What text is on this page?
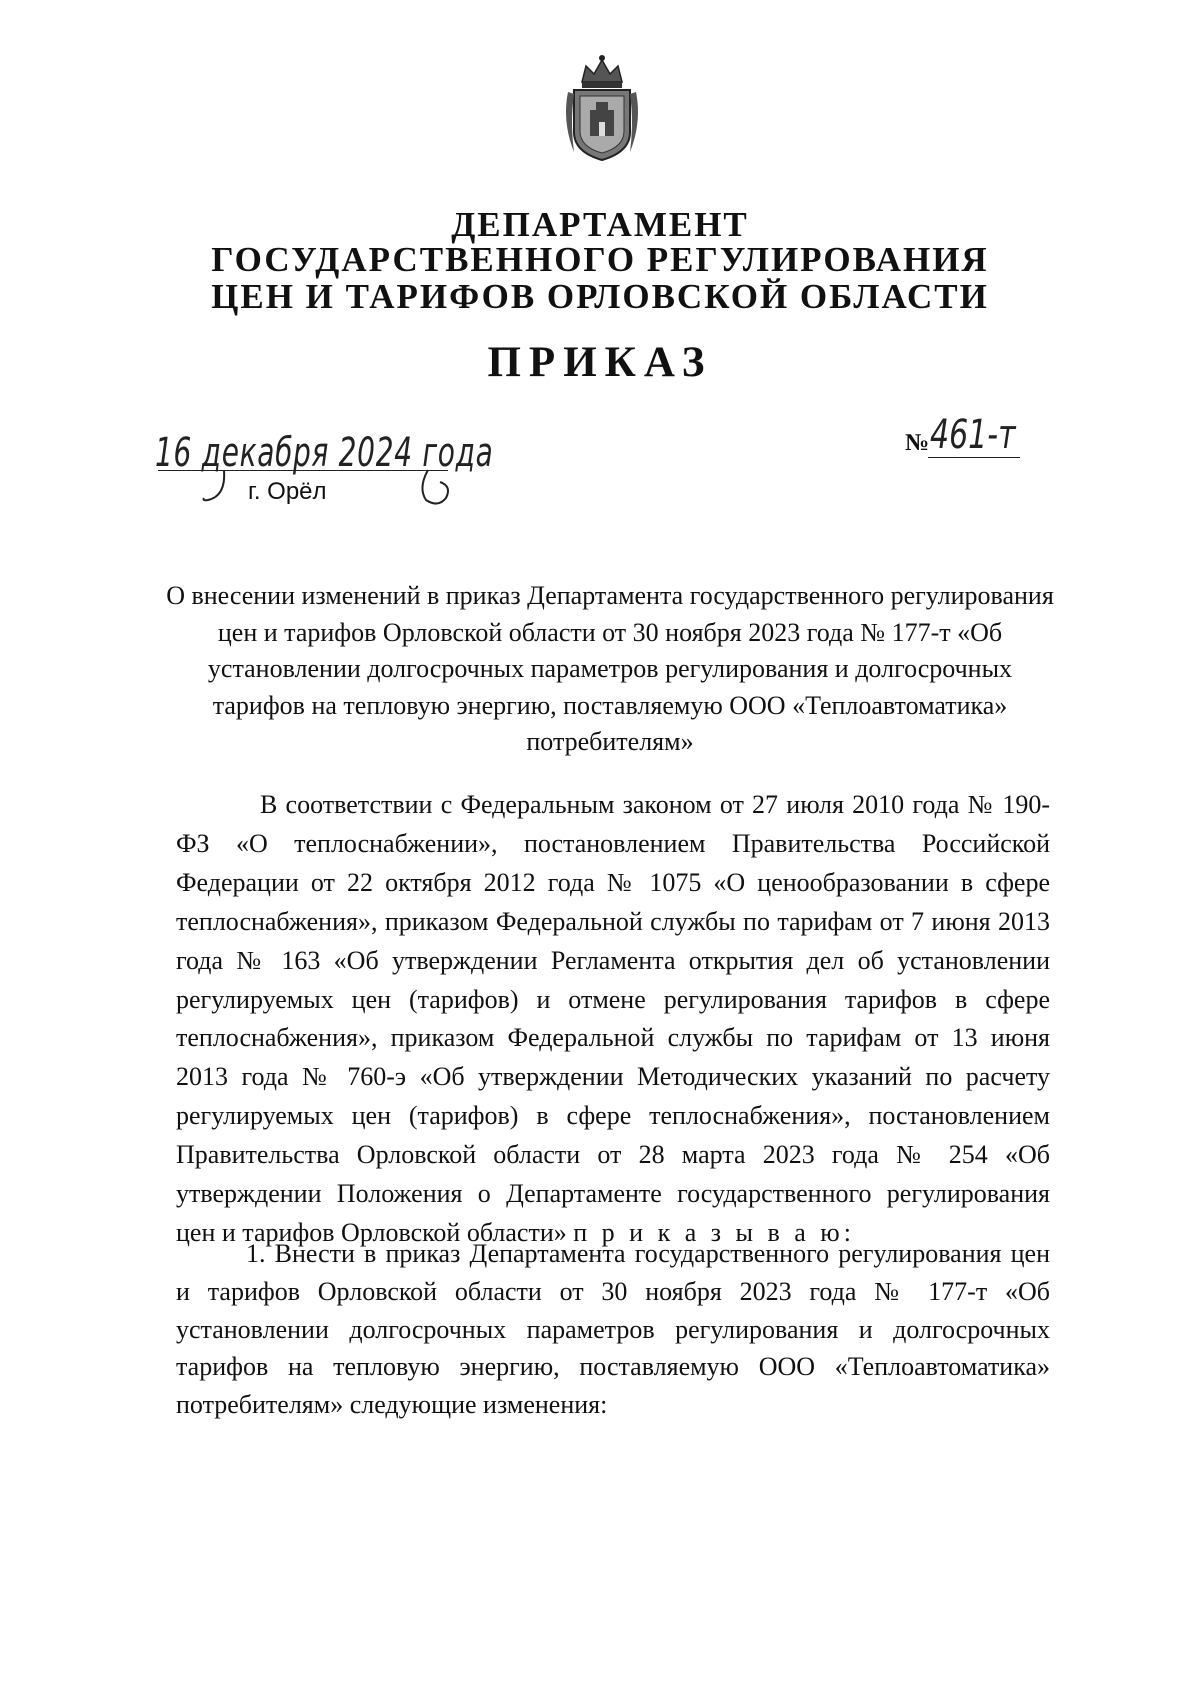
ДЕПАРТАМЕНТ

ГОСУДАРСТВЕННОГО РЕГУЛИРОВАНИЯ

ЦЕН И ТАРИФОВ ОРЛОВСКОЙ ОБЛАСТИ

ПРИКАЗ
16 декабря 2024 года
г. Орёл
№ 461-т

О внесении изменений в приказ Департамента государственного регулирования цен и тарифов Орловской области от 30 ноября 2023 года № 177-т «Об установлении долгосрочных параметров регулирования и долгосрочных тарифов на тепловую энергию, поставляемую ООО «Теплоавтоматика» потребителям»

В соответствии с Федеральным законом от 27 июля 2010 года № 190-ФЗ «О теплоснабжении», постановлением Правительства Российской Федерации от 22 октября 2012 года № 1075 «О ценообразовании в сфере теплоснабжения», приказом Федеральной службы по тарифам от 7 июня 2013 года № 163 «Об утверждении Регламента открытия дел об установлении регулируемых цен (тарифов) и отмене регулирования тарифов в сфере теплоснабжения», приказом Федеральной службы по тарифам от 13 июня 2013 года № 760-э «Об утверждении Методических указаний по расчету регулируемых цен (тарифов) в сфере теплоснабжения», постановлением Правительства Орловской области от 28 марта 2023 года № 254 «Об утверждении Положения о Департаменте государственного регулирования цен и тарифов Орловской области» п р и к а з ы в а ю:

1. Внести в приказ Департамента государственного регулирования цен и тарифов Орловской области от 30 ноября 2023 года № 177-т «Об установлении долгосрочных параметров регулирования и долгосрочных тарифов на тепловую энергию, поставляемую ООО «Теплоавтоматика» потребителям» следующие изменения:
